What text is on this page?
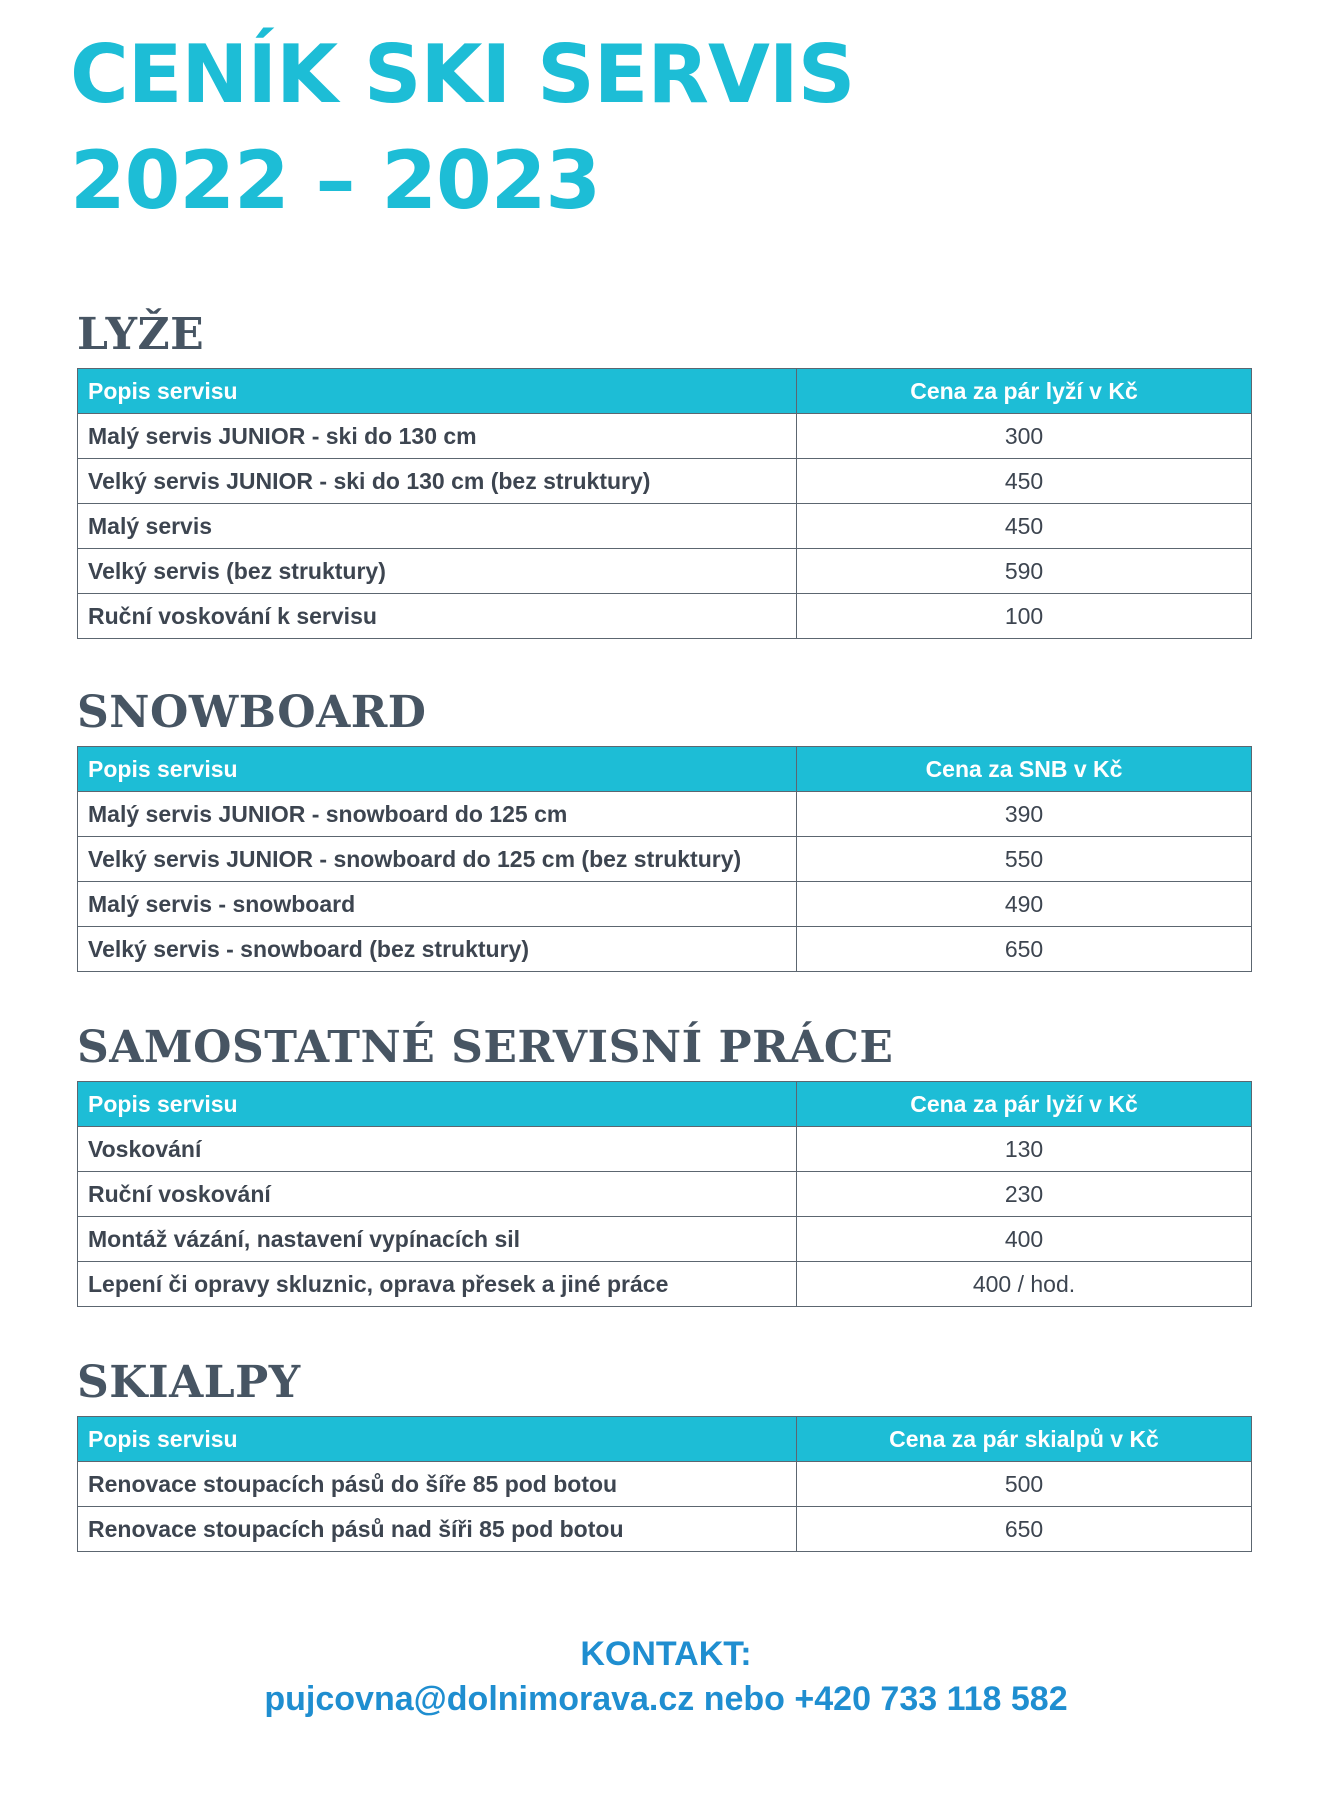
CENÍK SKI SERVIS
2022 – 2023
LYŽE
Popis servisu	Cena za pár lyží v Kč
Malý servis JUNIOR - ski do 130 cm	300
Velký servis JUNIOR - ski do 130 cm (bez struktury)	450
Malý servis	450
Velký servis (bez struktury)	590
Ruční voskování k servisu	100
SNOWBOARD
Popis servisu	Cena za SNB v Kč
Malý servis JUNIOR - snowboard do 125 cm	390
Velký servis JUNIOR - snowboard do 125 cm (bez struktury)	550
Malý servis - snowboard	490
Velký servis - snowboard (bez struktury)	650
SAMOSTATNÉ SERVISNÍ PRÁCE
Popis servisu	Cena za pár lyží v Kč
Voskování	130
Ruční voskování	230
Montáž vázání, nastavení vypínacích sil	400
Lepení či opravy skluznic, oprava přesek a jiné práce	400 / hod.
SKIALPY
Popis servisu	Cena za pár skialpů v Kč
Renovace stoupacích pásů do šíře 85 pod botou	500
Renovace stoupacích pásů nad šíři 85 pod botou	650
KONTAKT:
pujcovna@dolnimorava.cz nebo +420 733 118 582
